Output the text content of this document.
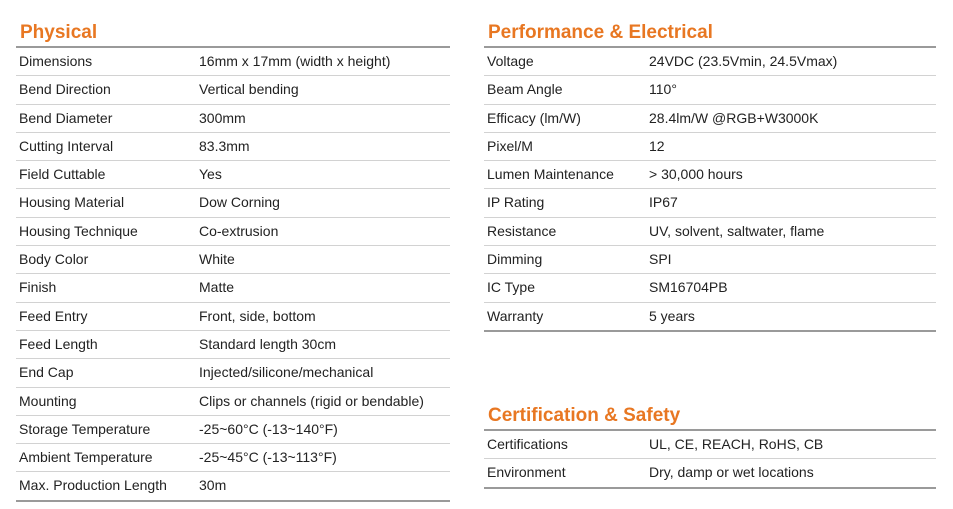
Physical
Dimensions	16mm x 17mm (width x height)
Bend Direction	Vertical bending
Bend Diameter	300mm
Cutting Interval	83.3mm
Field Cuttable	Yes
Housing Material	Dow Corning
Housing Technique	Co-extrusion
Body Color	White
Finish	Matte
Feed Entry	Front, side, bottom
Feed Length	Standard length 30cm
End Cap	Injected/silicone/mechanical
Mounting	Clips or channels (rigid or bendable)
Storage Temperature	-25~60°C (-13~140°F)
Ambient Temperature	-25~45°C (-13~113°F)
Max. Production Length	30m
Performance & Electrical
Voltage	24VDC (23.5Vmin, 24.5Vmax)
Beam Angle	110°
Efficacy (lm/W)	28.4lm/W @RGB+W3000K
Pixel/M	12
Lumen Maintenance	> 30,000 hours
IP Rating	IP67
Resistance	UV, solvent, saltwater, flame
Dimming	SPI
IC Type	SM16704PB
Warranty	5 years
Certification & Safety
Certifications	UL, CE, REACH, RoHS, CB
Environment	Dry, damp or wet locations
